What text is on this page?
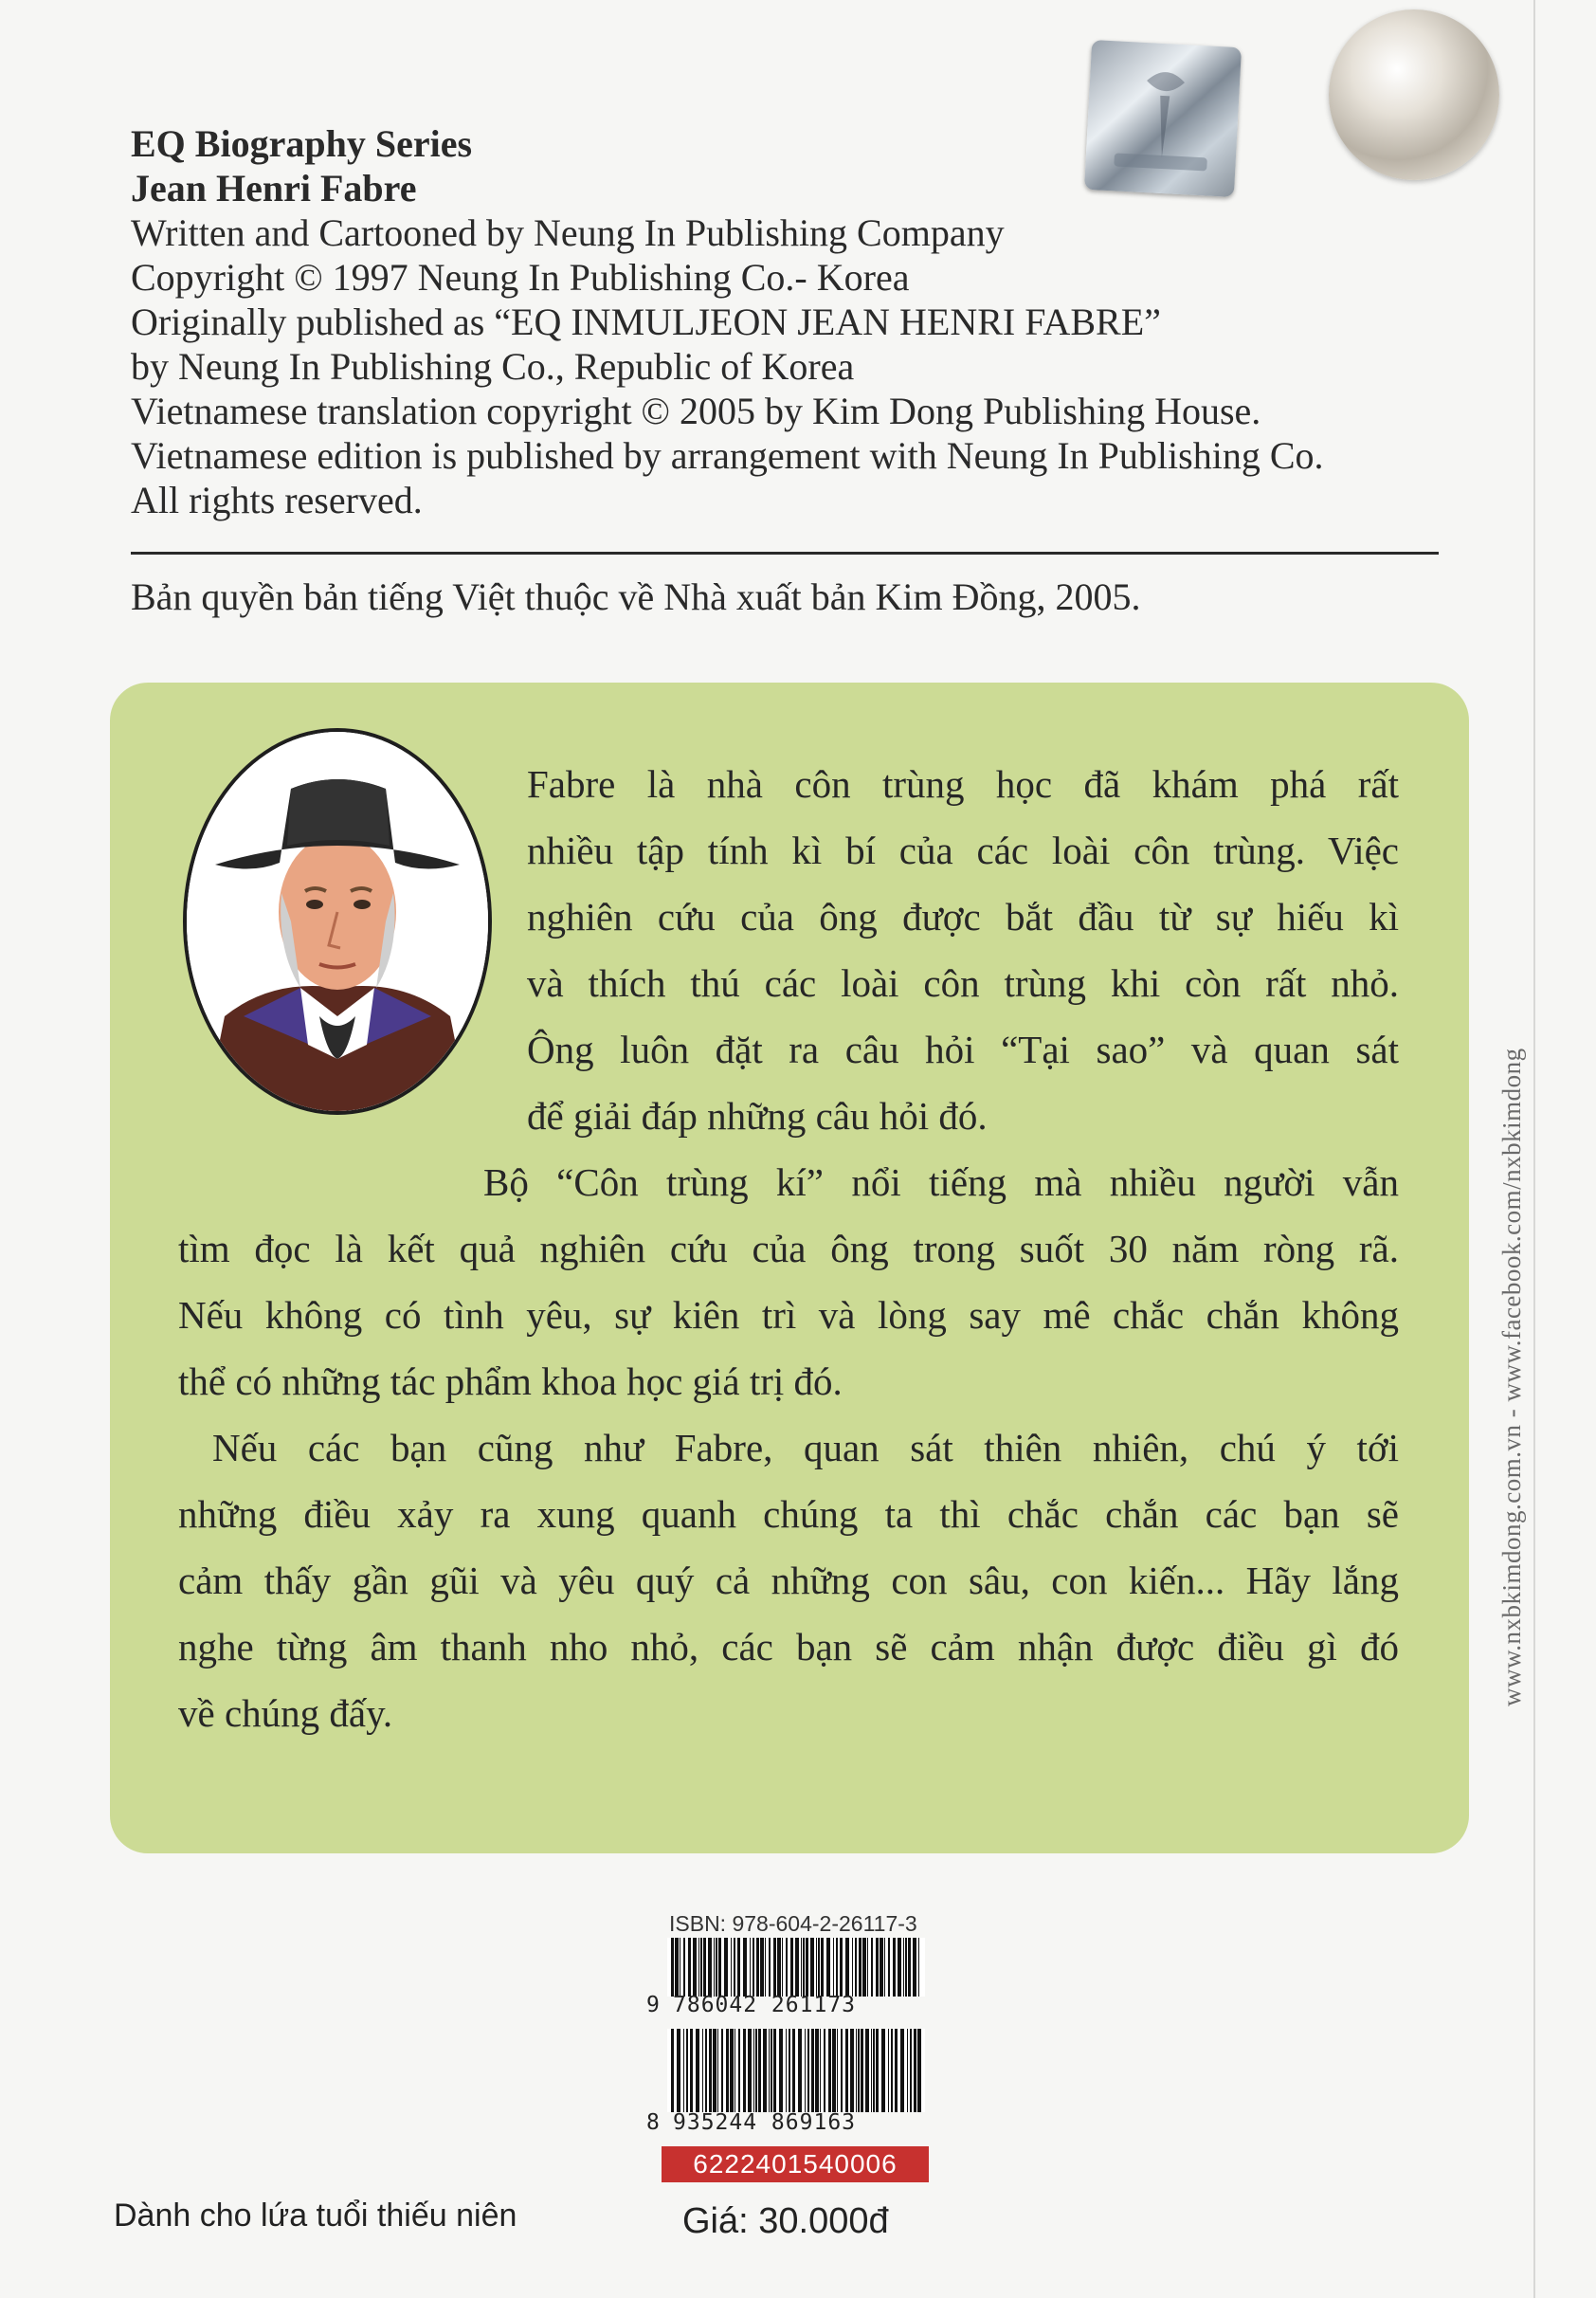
EQ Biography Series
Jean Henri Fabre
Written and Cartooned by Neung In Publishing Company
Copyright © 1997 Neung In Publishing Co.- Korea
Originally published as “EQ INMULJEON JEAN HENRI FABRE”
by Neung In Publishing Co., Republic of Korea
Vietnamese translation copyright © 2005 by Kim Dong Publishing House.
Vietnamese edition is published by arrangement with Neung In Publishing Co.
All rights reserved.
Bản quyền bản tiếng Việt thuộc về Nhà xuất bản Kim Đồng, 2005.
Fabre là nhà côn trùng học đã khám phá rất
nhiều tập tính kì bí của các loài côn trùng. Việc
nghiên cứu của ông được bắt đầu từ sự hiếu kì
và thích thú các loài côn trùng khi còn rất nhỏ.
Ông luôn đặt ra câu hỏi “Tại sao” và quan sát
để giải đáp những câu hỏi đó.
Bộ “Côn trùng kí” nổi tiếng mà nhiều người vẫn
tìm đọc là kết quả nghiên cứu của ông trong suốt 30 năm ròng rã.
Nếu không có tình yêu, sự kiên trì và lòng say mê chắc chắn không
thể có những tác phẩm khoa học giá trị đó.
Nếu các bạn cũng như Fabre, quan sát thiên nhiên, chú ý tới
những điều xảy ra xung quanh chúng ta thì chắc chắn các bạn sẽ
cảm thấy gần gũi và yêu quý cả những con sâu, con kiến... Hãy lắng
nghe từng âm thanh nho nhỏ, các bạn sẽ cảm nhận được điều gì đó
về chúng đấy.
www.nxbkimdong.com.vn - www.facebook.com/nxbkimdong
ISBN: 978-604-2-26117-3
9 786042 261173
8 935244 869163
6222401540006
Dành cho lứa tuổi thiếu niên	Giá: 30.000đ
